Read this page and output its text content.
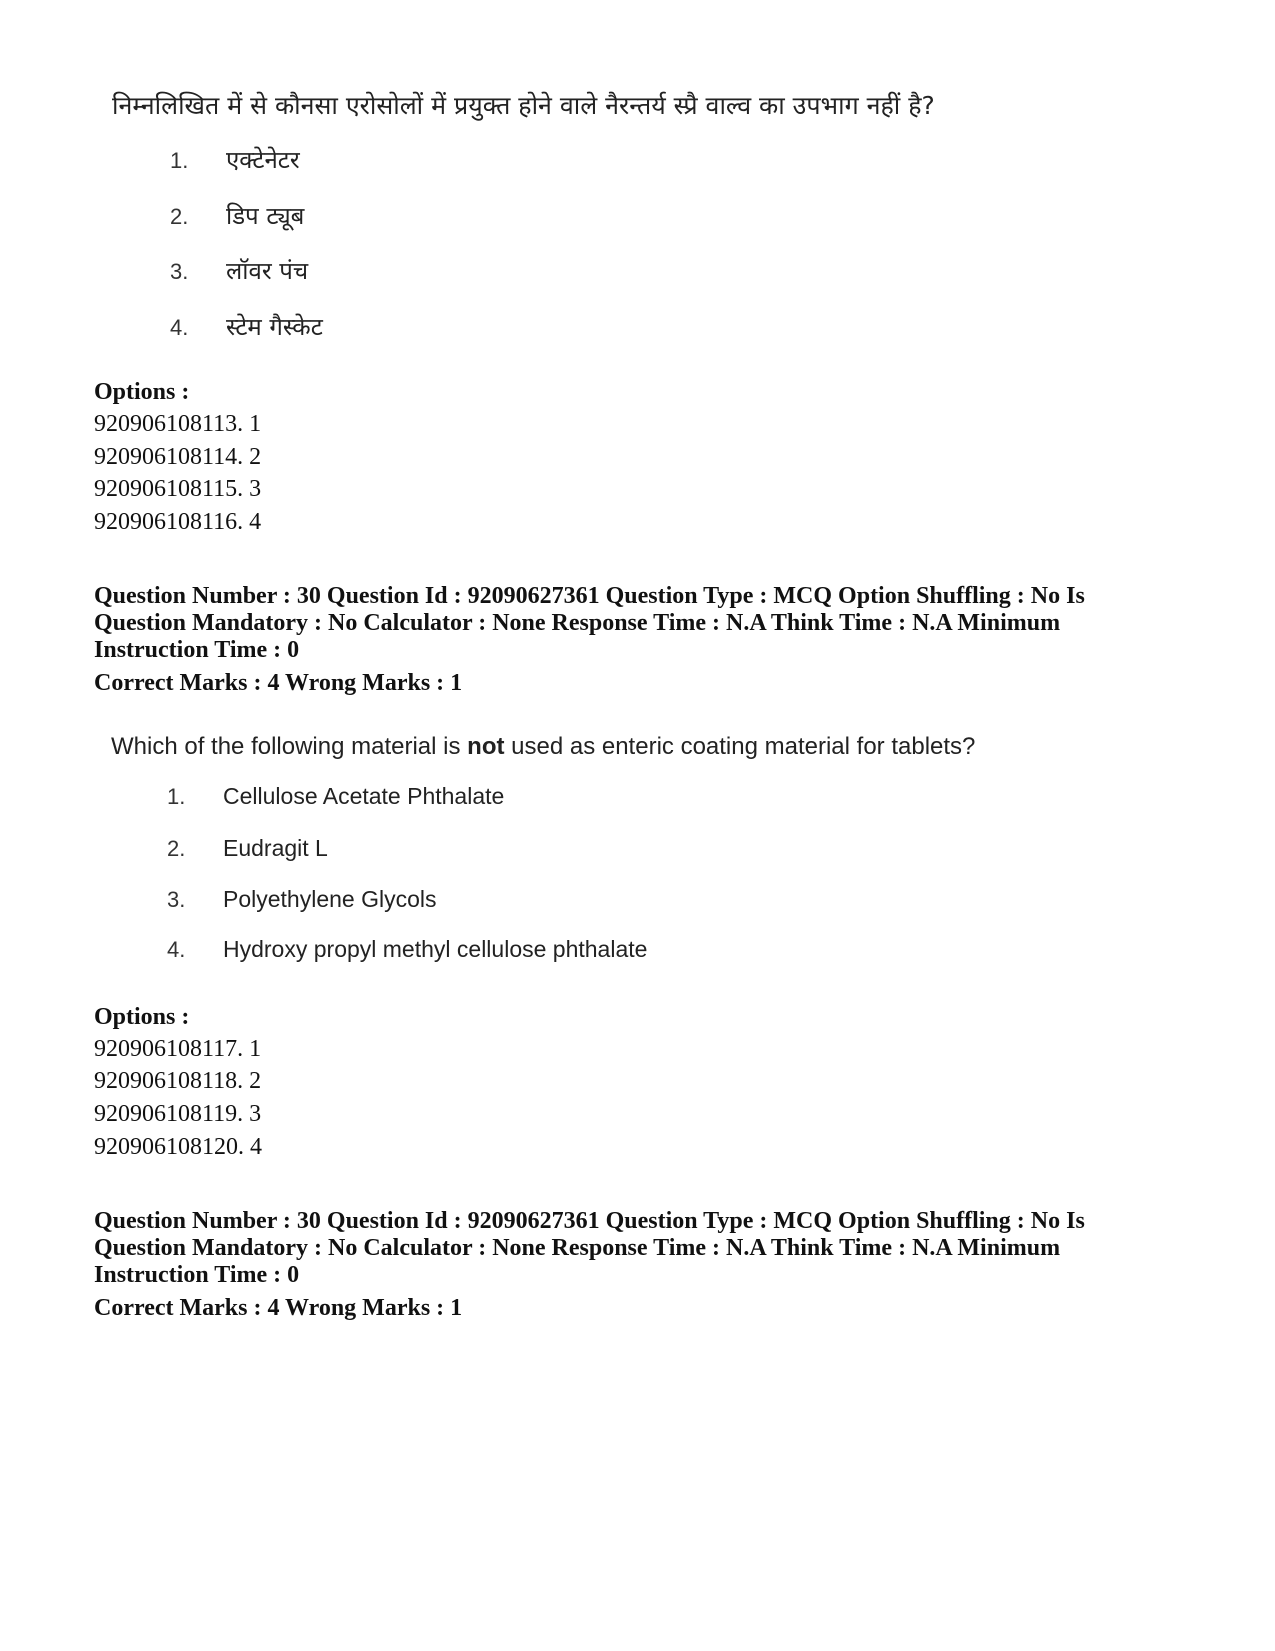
निम्नलिखित में से कौनसा एरोसोलों में प्रयुक्त होने वाले नैरन्तर्य स्प्रै वाल्व का उपभाग नहीं है?
1. एक्टेनेटर
2. डिप ट्यूब
3. लॉवर पंच
4. स्टेम गैस्केट
Options :
920906108113. 1
920906108114. 2
920906108115. 3
920906108116. 4
Question Number : 30 Question Id : 92090627361 Question Type : MCQ Option Shuffling : No Is
Question Mandatory : No Calculator : None Response Time : N.A Think Time : N.A Minimum
Instruction Time : 0
Correct Marks : 4 Wrong Marks : 1
Which of the following material is not used as enteric coating material for tablets?
1. Cellulose Acetate Phthalate
2. Eudragit L
3. Polyethylene Glycols
4. Hydroxy propyl methyl cellulose phthalate
Options :
920906108117. 1
920906108118. 2
920906108119. 3
920906108120. 4
Question Number : 30 Question Id : 92090627361 Question Type : MCQ Option Shuffling : No Is
Question Mandatory : No Calculator : None Response Time : N.A Think Time : N.A Minimum
Instruction Time : 0
Correct Marks : 4 Wrong Marks : 1
